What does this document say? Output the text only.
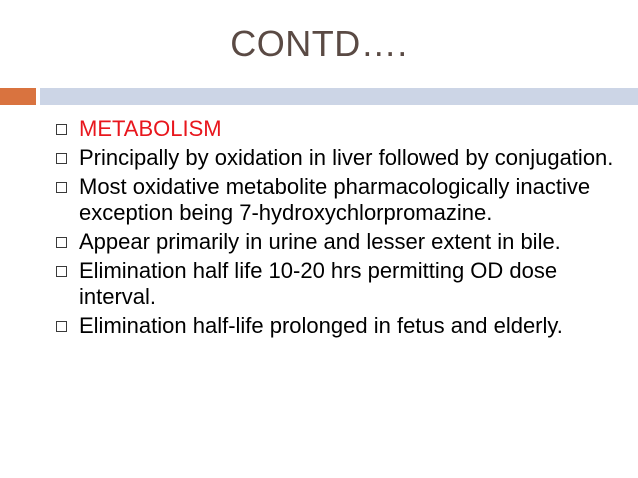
CONTD….
METABOLISM
Principally by oxidation in liver followed by conjugation.
Most oxidative metabolite pharmacologically inactive exception being 7-hydroxychlorpromazine.
Appear primarily in urine and lesser extent in bile.
Elimination half life 10-20 hrs permitting OD dose interval.
Elimination half-life prolonged in fetus and elderly.
